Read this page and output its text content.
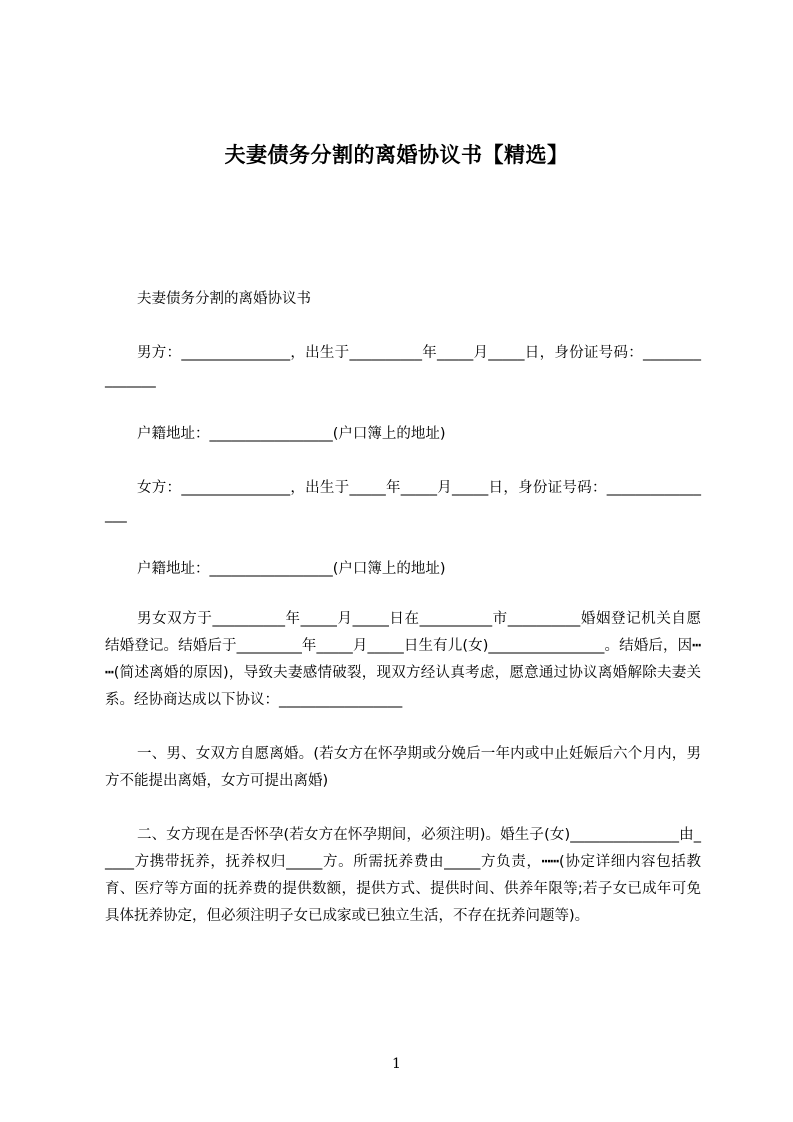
夫妻债务分割的离婚协议书【精选】
夫妻债务分割的离婚协议书
男方：_______________，出生于__________年_____月_____日，身份证号码：_______________
户籍地址：_________________(户口簿上的地址)
女方：_______________，出生于_____年_____月_____日，身份证号码：________________
户籍地址：_________________(户口簿上的地址)
男女双方于__________年_____月_____日在__________市__________婚姻登记机关自愿结婚登记。结婚后于_________年_____月_____日生有儿(女)________________。结婚后，因┅┅(简述离婚的原因)，导致夫妻感情破裂，现双方经认真考虑，愿意通过协议离婚解除夫妻关系。经协商达成以下协议：_________________
一、男、女双方自愿离婚。(若女方在怀孕期或分娩后一年内或中止妊娠后六个月内，男方不能提出离婚，女方可提出离婚)
二、女方现在是否怀孕(若女方在怀孕期间，必须注明)。婚生子(女)_______________由_____方携带抚养，抚养权归_____方。所需抚养费由_____方负责，┅┅(协定详细内容包括教育、医疗等方面的抚养费的提供数额，提供方式、提供时间、供养年限等;若子女已成年可免具体抚养协定，但必须注明子女已成家或已独立生活，不存在抚养问题等)。
1
